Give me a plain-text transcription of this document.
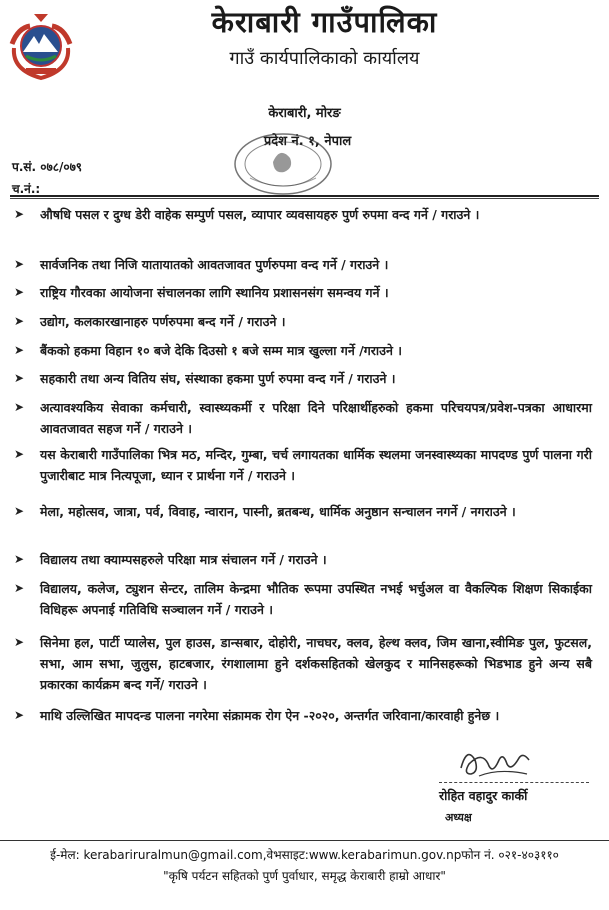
केराबारी गाउँपालिका
गाउँ कार्यपालिकाको कार्यालय
केराबारी, मोरङ
प्रदेश नं. १, नेपाल
प.सं. ०७८/०७९
च.नं.:
➤ औषधि पसल र दुग्ध डेरी वाहेक सम्पुर्ण पसल, व्यापार व्यवसायहरु पुर्ण रुपमा वन्द गर्ने / गराउने ।
➤ सार्वजनिक तथा निजि यातायातको आवतजावत पुर्णरुपमा वन्द गर्ने / गराउने ।
➤ राष्ट्रिय गौरवका आयोजना संचालनका लागि स्थानिय प्रशासनसंग समन्वय गर्ने ।
➤ उद्योग, कलकारखानाहरु पर्णरुपमा बन्द गर्ने / गराउने ।
➤ बैंकको हकमा विहान १० बजे देकि दिउसो १ बजे सम्म मात्र खुल्ला गर्ने /गराउने ।
➤ सहकारी तथा अन्य वितिय संघ, संस्थाका हकमा पुर्ण रुपमा वन्द गर्ने / गराउने ।
➤ अत्यावश्यकिय सेवाका कर्मचारी, स्वास्थ्यकर्मी र परिक्षा दिने परिक्षार्थीहरुको हकमा परिचयपत्र/प्रवेश-पत्रका आधारमा आवतजावत सहज गर्ने / गराउने ।
➤ यस केराबारी गाउँपालिका भित्र मठ, मन्दिर, गुम्बा, चर्च लगायतका धार्मिक स्थलमा जनस्वास्थ्यका मापदण्ड पुर्ण पालना गरी पुजारीबाट मात्र नित्यपूजा, ध्यान र प्रार्थना गर्ने / गराउने ।
➤ मेला, महोत्सव, जात्रा, पर्व, विवाह, न्वारान, पास्नी, ब्रतबन्ध, धार्मिक अनुष्ठान सन्चालन नगर्ने / नगराउने ।
➤ विद्यालय तथा क्याम्पसहरुले परिक्षा मात्र संचालन गर्ने / गराउने ।
➤ विद्यालय, कलेज, ट्युशन सेन्टर, तालिम केन्द्रमा भौतिक रूपमा उपस्थित नभई भर्चुअल वा वैकल्पिक शिक्षण सिकाईका विधिहरू अपनाई गतिविधि सञ्चालन गर्ने / गराउने ।
➤ सिनेमा हल, पार्टी प्यालेस, पुल हाउस, डान्सबार, दोहोरी, नाचघर, क्लव, हेल्थ क्लव, जिम खाना,स्वीमिङ पुल, फुटसल, सभा, आम सभा, जुलुस, हाटबजार, रंगशालामा हुने दर्शकसहितको खेलकुद र मानिसहरूको भिडभाड हुने अन्य सबै प्रकारका कार्यक्रम बन्द गर्ने/ गराउने ।
➤ माथि उल्लिखित मापदन्ड पालना नगरेमा संक्रामक रोग ऐन -२०२०, अन्तर्गत जरिवाना/कारवाही हुनेछ ।
रोहित वहादुर कार्की
अध्यक्ष
ई-मेल: kerabariruralmun@gmail.com,वेभसाइट:www.kerabarimun.gov.npफोन नं. ०२१-४०३११०
"कृषि पर्यटन सहितको पुर्ण पुर्वाधार, समृद्ध केराबारी हाम्रो आधार"
